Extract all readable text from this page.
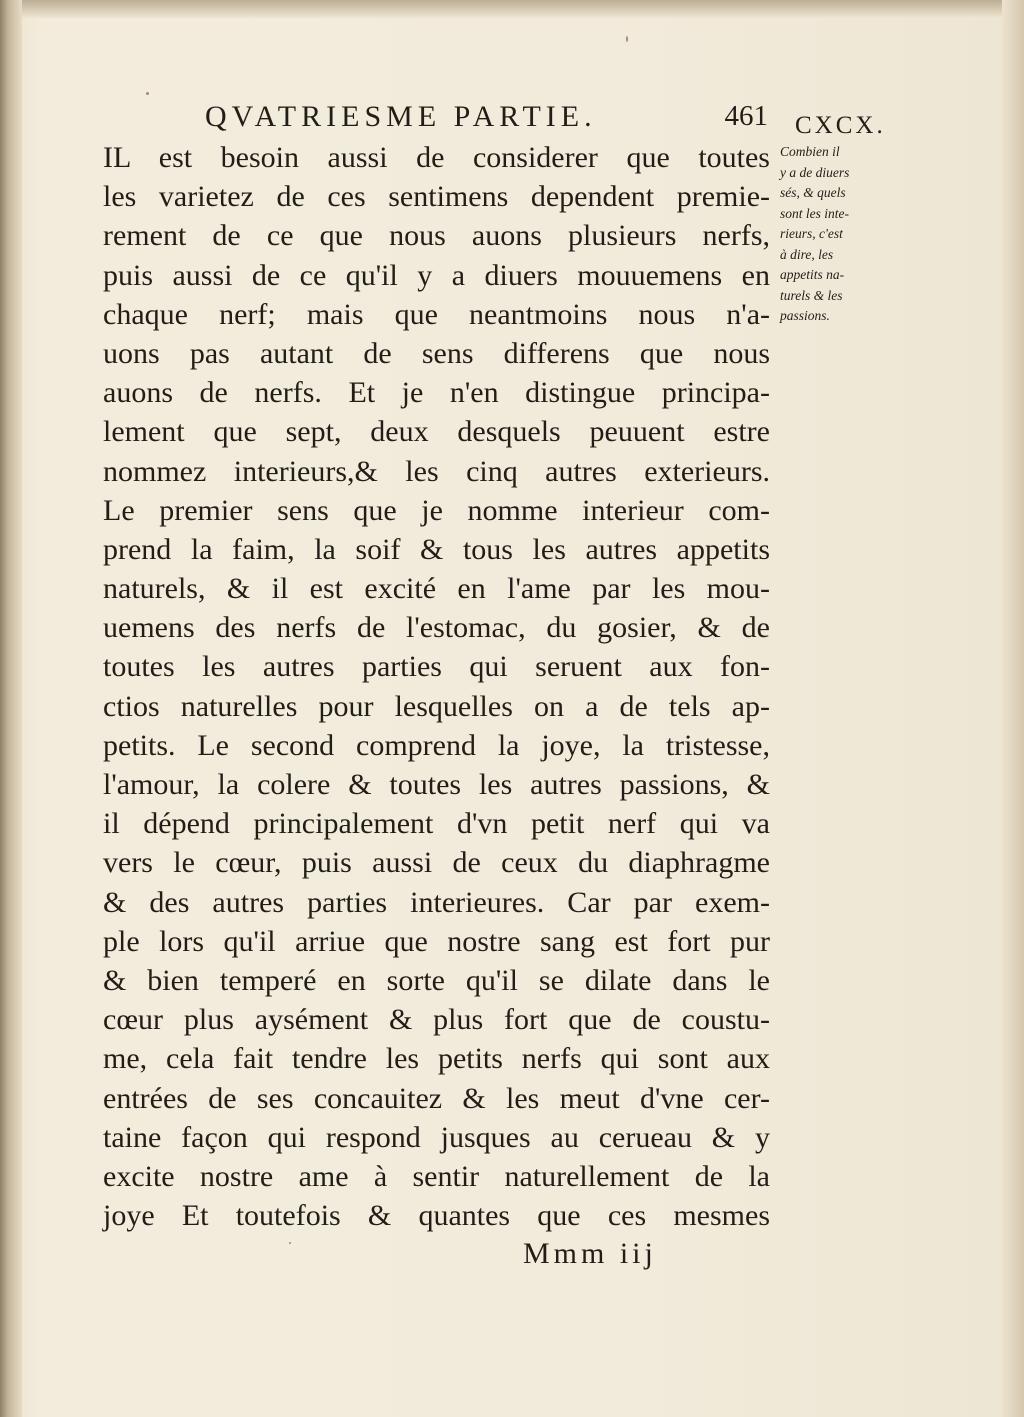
QVATRIESME PARTIE.	461 CXCX.
Combien il
y a de diuers
sés, & quels
sont les inte-
rieurs, c'est
à dire, les
appetits na-
turels & les
passions.
IL est besoin aussi de considerer que toutes
les varietez de ces sentimens dependent premie-
rement de ce que nous auons plusieurs nerfs,
puis aussi de ce qu'il y a diuers mouuemens en
chaque nerf; mais que neantmoins nous n'a-
uons pas autant de sens differens que nous
auons de nerfs. Et je n'en distingue principa-
lement que sept, deux desquels peuuent estre
nommez interieurs,& les cinq autres exterieurs.
Le premier sens que je nomme interieur com-
prend la faim, la soif & tous les autres appetits
naturels, & il est excité en l'ame par les mou-
uemens des nerfs de l'estomac, du gosier, & de
toutes les autres parties qui seruent aux fon-
ctios naturelles pour lesquelles on a de tels ap-
petits. Le second comprend la joye, la tristesse,
l'amour, la colere & toutes les autres passions, &
il dépend principalement d'vn petit nerf qui va
vers le cœur, puis aussi de ceux du diaphragme
& des autres parties interieures. Car par exem-
ple lors qu'il arriue que nostre sang est fort pur
& bien temperé en sorte qu'il se dilate dans le
cœur plus aysément & plus fort que de coustu-
me, cela fait tendre les petits nerfs qui sont aux
entrées de ses concauitez & les meut d'vne cer-
taine façon qui respond jusques au cerueau & y
excite nostre ame à sentir naturellement de la
joye Et toutefois & quantes que ces mesmes
Mmm iij
